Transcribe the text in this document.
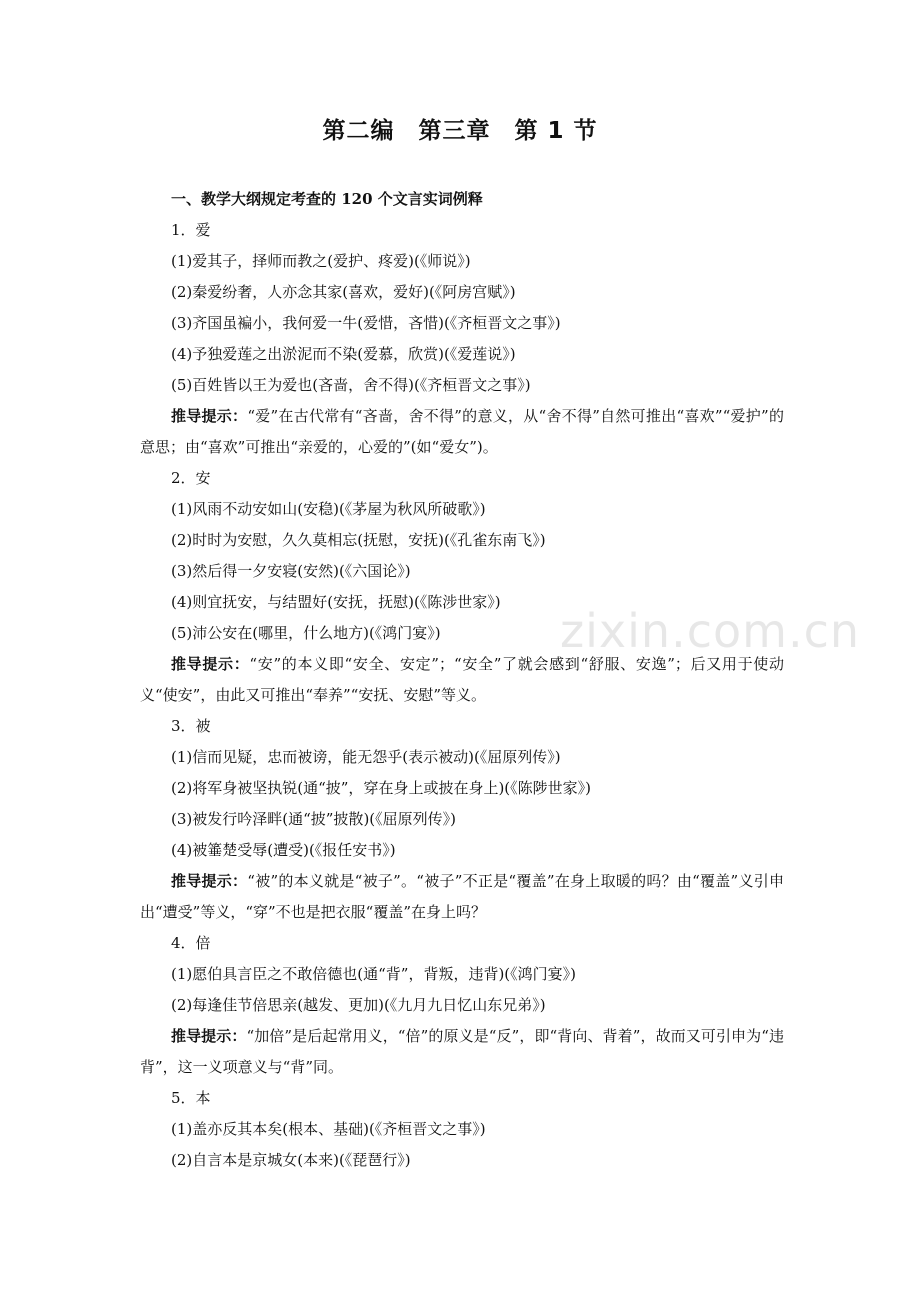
第二编　第三章　第 1 节
一、教学大纲规定考查的 120 个文言实词例释
1．爱
(1)爱其子，择师而教之(爱护、疼爱)(《师说》)
(2)秦爱纷奢，人亦念其家(喜欢，爱好)(《阿房宫赋》)
(3)齐国虽褊小，我何爱一牛(爱惜，吝惜)(《齐桓晋文之事》)
(4)予独爱莲之出淤泥而不染(爱慕，欣赏)(《爱莲说》)
(5)百姓皆以王为爱也(吝啬，舍不得)(《齐桓晋文之事》)

推导提示：“爱”在古代常有“吝啬，舍不得”的意义，从“舍不得”自然可推出“喜欢”“爱护”的意思；由“喜欢”可推出“亲爱的，心爱的”(如“爱女”)。

2．安
(1)风雨不动安如山(安稳)(《茅屋为秋风所破歌》)
(2)时时为安慰，久久莫相忘(抚慰，安抚)(《孔雀东南飞》)
(3)然后得一夕安寝(安然)(《六国论》)
(4)则宜抚安，与结盟好(安抚，抚慰)(《陈涉世家》)
(5)沛公安在(哪里，什么地方)(《鸿门宴》)

推导提示：“安”的本义即“安全、安定”；“安全”了就会感到“舒服、安逸”；后又用于使动义“使安”，由此又可推出“奉养”“安抚、安慰”等义。

3．被
(1)信而见疑，忠而被谤，能无怨乎(表示被动)(《屈原列传》)
(2)将军身被坚执锐(通“披”，穿在身上或披在身上)(《陈陟世家》)
(3)被发行吟泽畔(通“披”披散)(《屈原列传》)
(4)被箠楚受辱(遭受)(《报任安书》)

推导提示：“被”的本义就是“被子”。“被子”不正是“覆盖”在身上取暖的吗？由“覆盖”义引申出“遭受”等义，“穿”不也是把衣服“覆盖”在身上吗？

4．倍
(1)愿伯具言臣之不敢倍德也(通“背”，背叛，违背)(《鸿门宴》)
(2)每逢佳节倍思亲(越发、更加)(《九月九日忆山东兄弟》)

推导提示：“加倍”是后起常用义，“倍”的原义是“反”，即“背向、背着”，故而又可引申为“违背”，这一义项意义与“背”同。

5．本
(1)盖亦反其本矣(根本、基础)(《齐桓晋文之事》)
(2)自言本是京城女(本来)(《琵琶行》)
zixin.com.cn
